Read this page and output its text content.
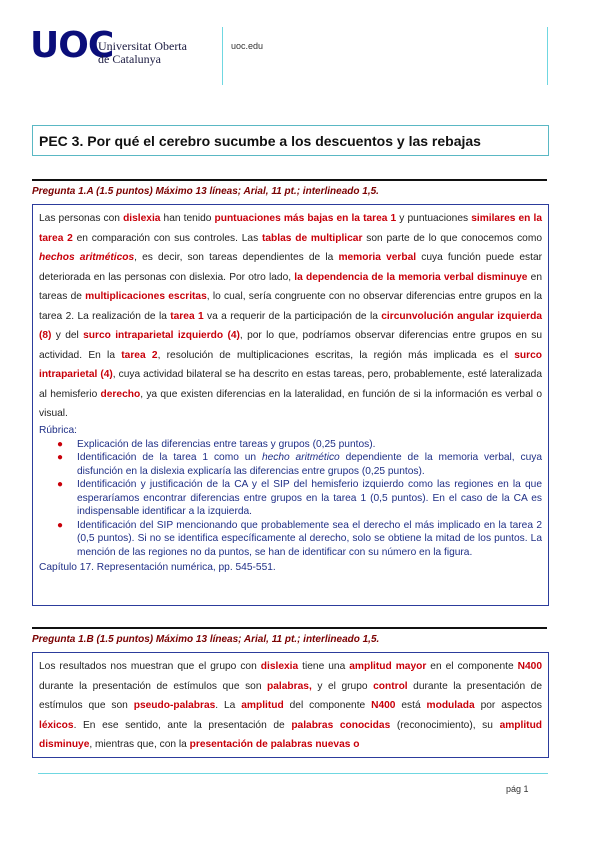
UOC
Universitat Oberta
de Catalunya
uoc.edu
PEC 3. Por qué el cerebro sucumbe a los descuentos y las rebajas
Pregunta 1.A (1.5 puntos) Máximo 13 líneas; Arial, 11 pt.; interlineado 1,5.

Las personas con dislexia han tenido puntuaciones más bajas en la tarea 1 y puntuaciones similares en la tarea 2 en comparación con sus controles. Las tablas de multiplicar son parte de lo que conocemos como hechos aritméticos, es decir, son tareas dependientes de la memoria verbal cuya función puede estar deteriorada en las personas con dislexia. Por otro lado, la dependencia de la memoria verbal disminuye en tareas de multiplicaciones escritas, lo cual, sería congruente con no observar diferencias entre grupos en la tarea 2. La realización de la tarea 1 va a requerir de la participación de la circunvolución angular izquierda (8) y del surco intraparietal izquierdo (4), por lo que, podríamos observar diferencias entre grupos en su actividad. En la tarea 2, resolución de multiplicaciones escritas, la región más implicada es el surco intraparietal (4), cuya actividad bilateral se ha descrito en estas tareas, pero, probablemente, esté lateralizada al hemisferio derecho, ya que existen diferencias en la lateralidad, en función de si la información es verbal o visual.

Rúbrica:
● Explicación de las diferencias entre tareas y grupos (0,25 puntos).
● Identificación de la tarea 1 como un hecho aritmético dependiente de la memoria verbal, cuya disfunción en la dislexia explicaría las diferencias entre grupos (0,25 puntos).
● Identificación y justificación de la CA y el SIP del hemisferio izquierdo como las regiones en la que esperaríamos encontrar diferencias entre grupos en la tarea 1 (0,5 puntos). En el caso de la CA es indispensable identificar a la izquierda.
● Identificación del SIP mencionando que probablemente sea el derecho el más implicado en la tarea 2 (0,5 puntos). Si no se identifica específicamente al derecho, solo se obtiene la mitad de los puntos. La mención de las regiones no da puntos, se han de identificar con su número en la figura.
Capítulo 17. Representación numérica, pp. 545-551.
Pregunta 1.B (1.5 puntos) Máximo 13 líneas; Arial, 11 pt.; interlineado 1,5.

Los resultados nos muestran que el grupo con dislexia tiene una amplitud mayor en el componente N400 durante la presentación de estímulos que son palabras, y el grupo control durante la presentación de estímulos que son pseudo-palabras. La amplitud del componente N400 está modulada por aspectos léxicos. En ese sentido, ante la presentación de palabras conocidas (reconocimiento), su amplitud disminuye, mientras que, con la presentación de palabras nuevas o

pág 1
